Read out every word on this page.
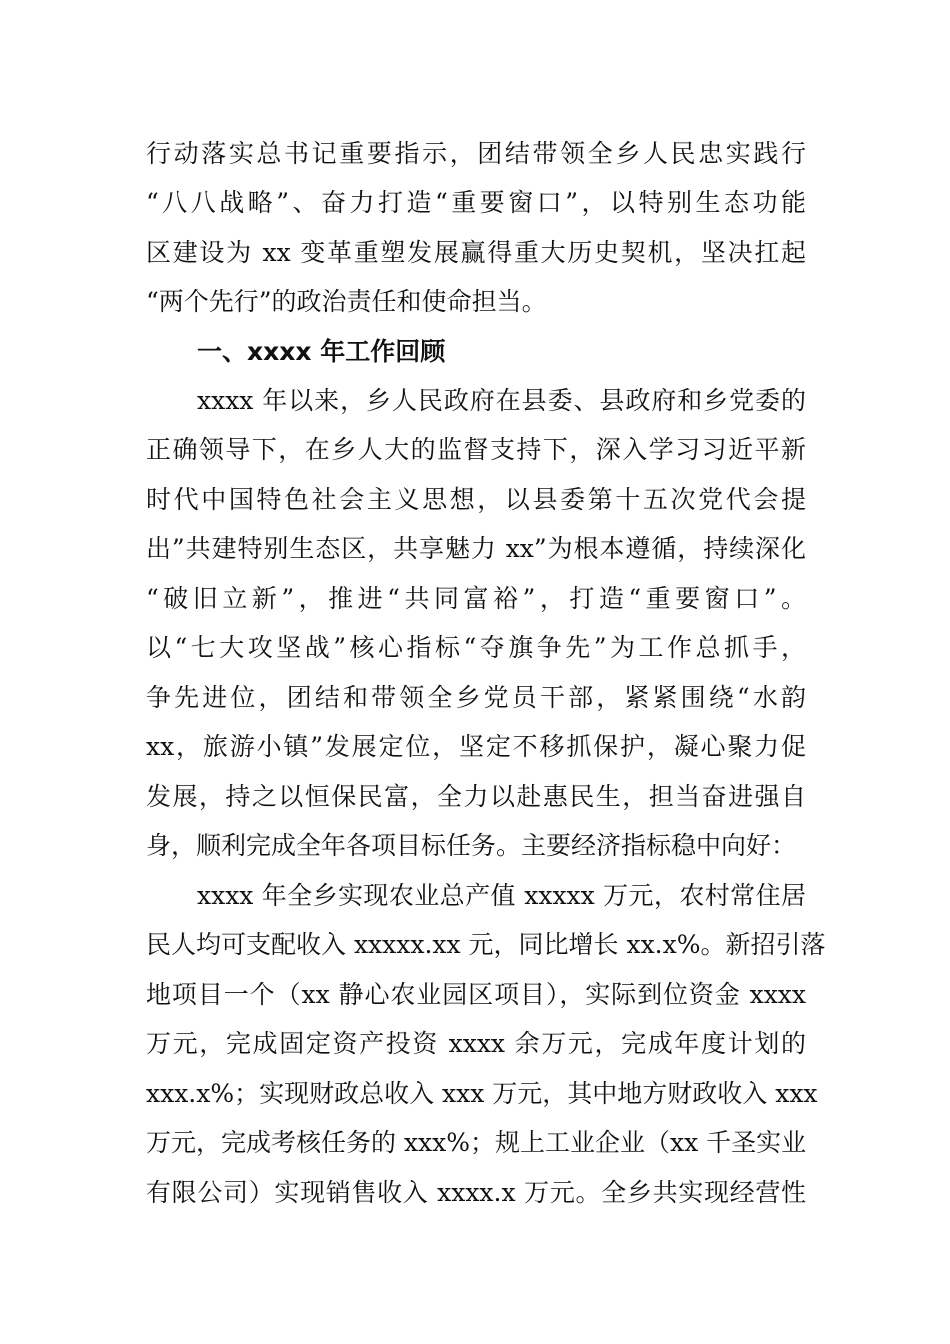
行动落实总书记重要指示，团结带领全乡人民忠实践行
“八八战略”、奋力打造“重要窗口”，以特别生态功能
区建设为 xx 变革重塑发展赢得重大历史契机，坚决扛起
“两个先行”的政治责任和使命担当。
一、xxxx 年工作回顾
xxxx 年以来，乡人民政府在县委、县政府和乡党委的
正确领导下，在乡人大的监督支持下，深入学习习近平新
时代中国特色社会主义思想，以县委第十五次党代会提
出”共建特别生态区，共享魅力 xx”为根本遵循，持续深化
“破旧立新”，推进“共同富裕”，打造“重要窗口”。
以“七大攻坚战”核心指标“夺旗争先”为工作总抓手，
争先进位，团结和带领全乡党员干部，紧紧围绕“水韵
xx，旅游小镇”发展定位，坚定不移抓保护，凝心聚力促
发展，持之以恒保民富，全力以赴惠民生，担当奋进强自
身，顺利完成全年各项目标任务。主要经济指标稳中向好：
xxxx 年全乡实现农业总产值 xxxxx 万元，农村常住居
民人均可支配收入 xxxxx.xx 元，同比增长 xx.x%。新招引落
地项目一个（xx 静心农业园区项目），实际到位资金 xxxx
万元，完成固定资产投资 xxxx 余万元，完成年度计划的
xxx.x%；实现财政总收入 xxx 万元，其中地方财政收入 xxx
万元，完成考核任务的 xxx%；规上工业企业（xx 千圣实业
有限公司）实现销售收入 xxxx.x 万元。全乡共实现经营性
